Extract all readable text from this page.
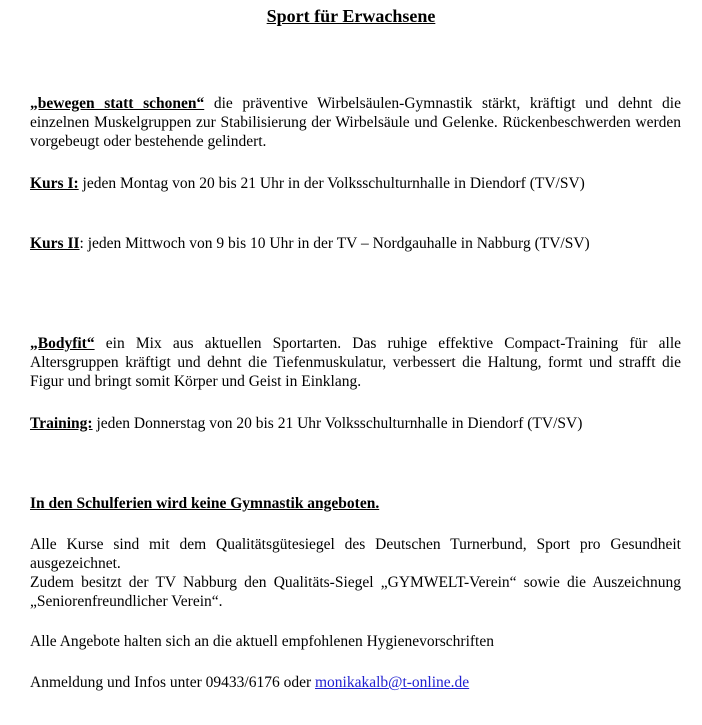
Sport für Erwachsene

„bewegen statt schonen“ die präventive Wirbelsäulen-Gymnastik stärkt, kräftigt und dehnt die einzelnen Muskelgruppen zur Stabilisierung der Wirbelsäule und Gelenke. Rückenbeschwerden werden vorgebeugt oder bestehende gelindert.

Kurs I: jeden Montag von 20 bis 21 Uhr in der Volksschulturnhalle in Diendorf (TV/SV)

Kurs II: jeden Mittwoch von 9 bis 10 Uhr in der TV – Nordgauhalle in Nabburg (TV/SV)

„Bodyfit“ ein Mix aus aktuellen Sportarten. Das ruhige effektive Compact-Training für alle Altersgruppen kräftigt und dehnt die Tiefenmuskulatur, verbessert die Haltung, formt und strafft die Figur und bringt somit Körper und Geist in Einklang.

Training: jeden Donnerstag von 20 bis 21 Uhr Volksschulturnhalle in Diendorf (TV/SV)

In den Schulferien wird keine Gymnastik angeboten.

Alle Kurse sind mit dem Qualitätsgütesiegel des Deutschen Turnerbund, Sport pro Gesundheit ausgezeichnet.

Zudem besitzt der TV Nabburg den Qualitäts-Siegel „GYMWELT-Verein“ sowie die Auszeichnung „Seniorenfreundlicher Verein“.

Alle Angebote halten sich an die aktuell empfohlenen Hygienevorschriften

Anmeldung und Infos unter 09433/6176 oder monikakalb@t-online.de
